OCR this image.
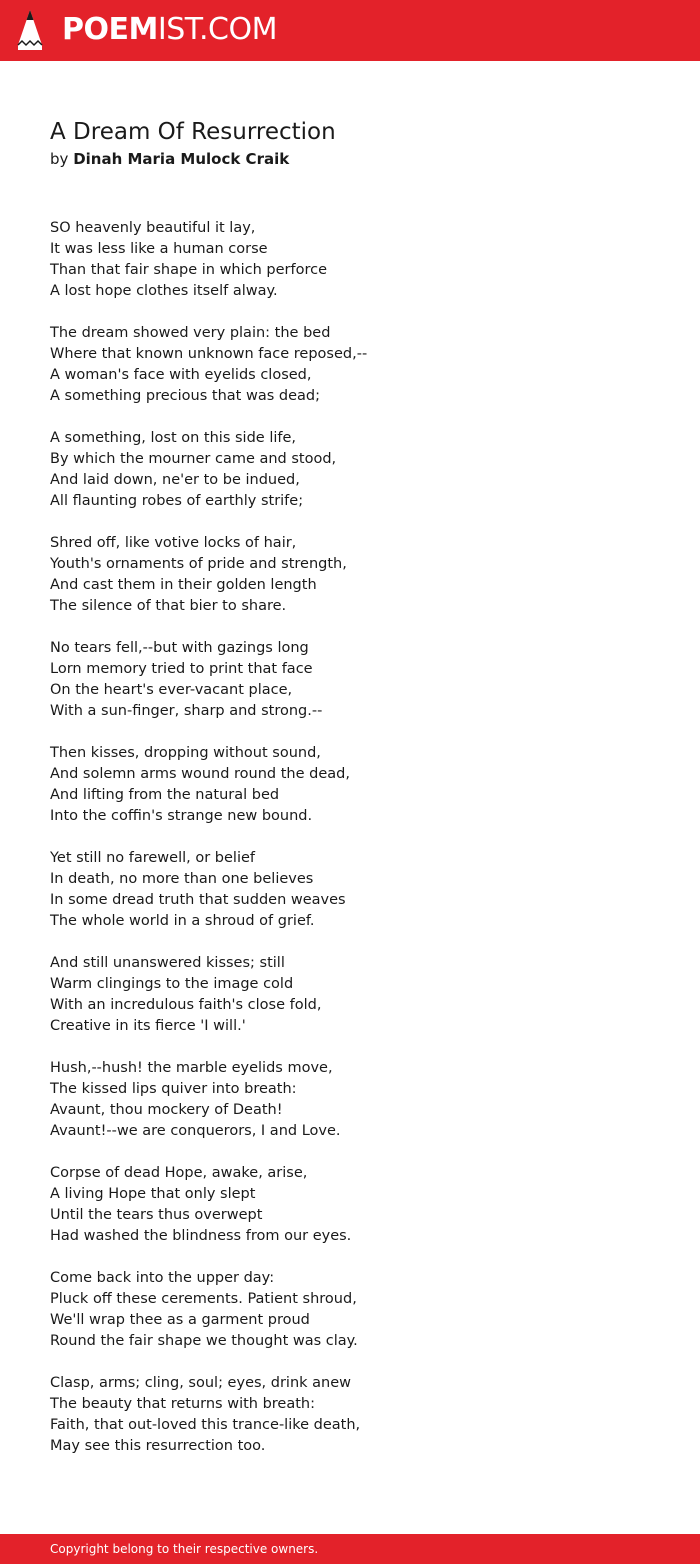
POEMIST.COM
A Dream Of Resurrection
by Dinah Maria Mulock Craik
SO heavenly beautiful it lay,
It was less like a human corse
Than that fair shape in which perforce
A lost hope clothes itself alway.
The dream showed very plain: the bed
Where that known unknown face reposed,--
A woman's face with eyelids closed,
A something precious that was dead;
A something, lost on this side life,
By which the mourner came and stood,
And laid down, ne'er to be indued,
All flaunting robes of earthly strife;
Shred off, like votive locks of hair,
Youth's ornaments of pride and strength,
And cast them in their golden length
The silence of that bier to share.
No tears fell,--but with gazings long
Lorn memory tried to print that face
On the heart's ever-vacant place,
With a sun-finger, sharp and strong.--
Then kisses, dropping without sound,
And solemn arms wound round the dead,
And lifting from the natural bed
Into the coffin's strange new bound.
Yet still no farewell, or belief
In death, no more than one believes
In some dread truth that sudden weaves
The whole world in a shroud of grief.
And still unanswered kisses; still
Warm clingings to the image cold
With an incredulous faith's close fold,
Creative in its fierce 'I will.'
Hush,--hush! the marble eyelids move,
The kissed lips quiver into breath:
Avaunt, thou mockery of Death!
Avaunt!--we are conquerors, I and Love.
Corpse of dead Hope, awake, arise,
A living Hope that only slept
Until the tears thus overwept
Had washed the blindness from our eyes.
Come back into the upper day:
Pluck off these cerements. Patient shroud,
We'll wrap thee as a garment proud
Round the fair shape we thought was clay.
Clasp, arms; cling, soul; eyes, drink anew
The beauty that returns with breath:
Faith, that out-loved this trance-like death,
May see this resurrection too.
Copyright belong to their respective owners.
